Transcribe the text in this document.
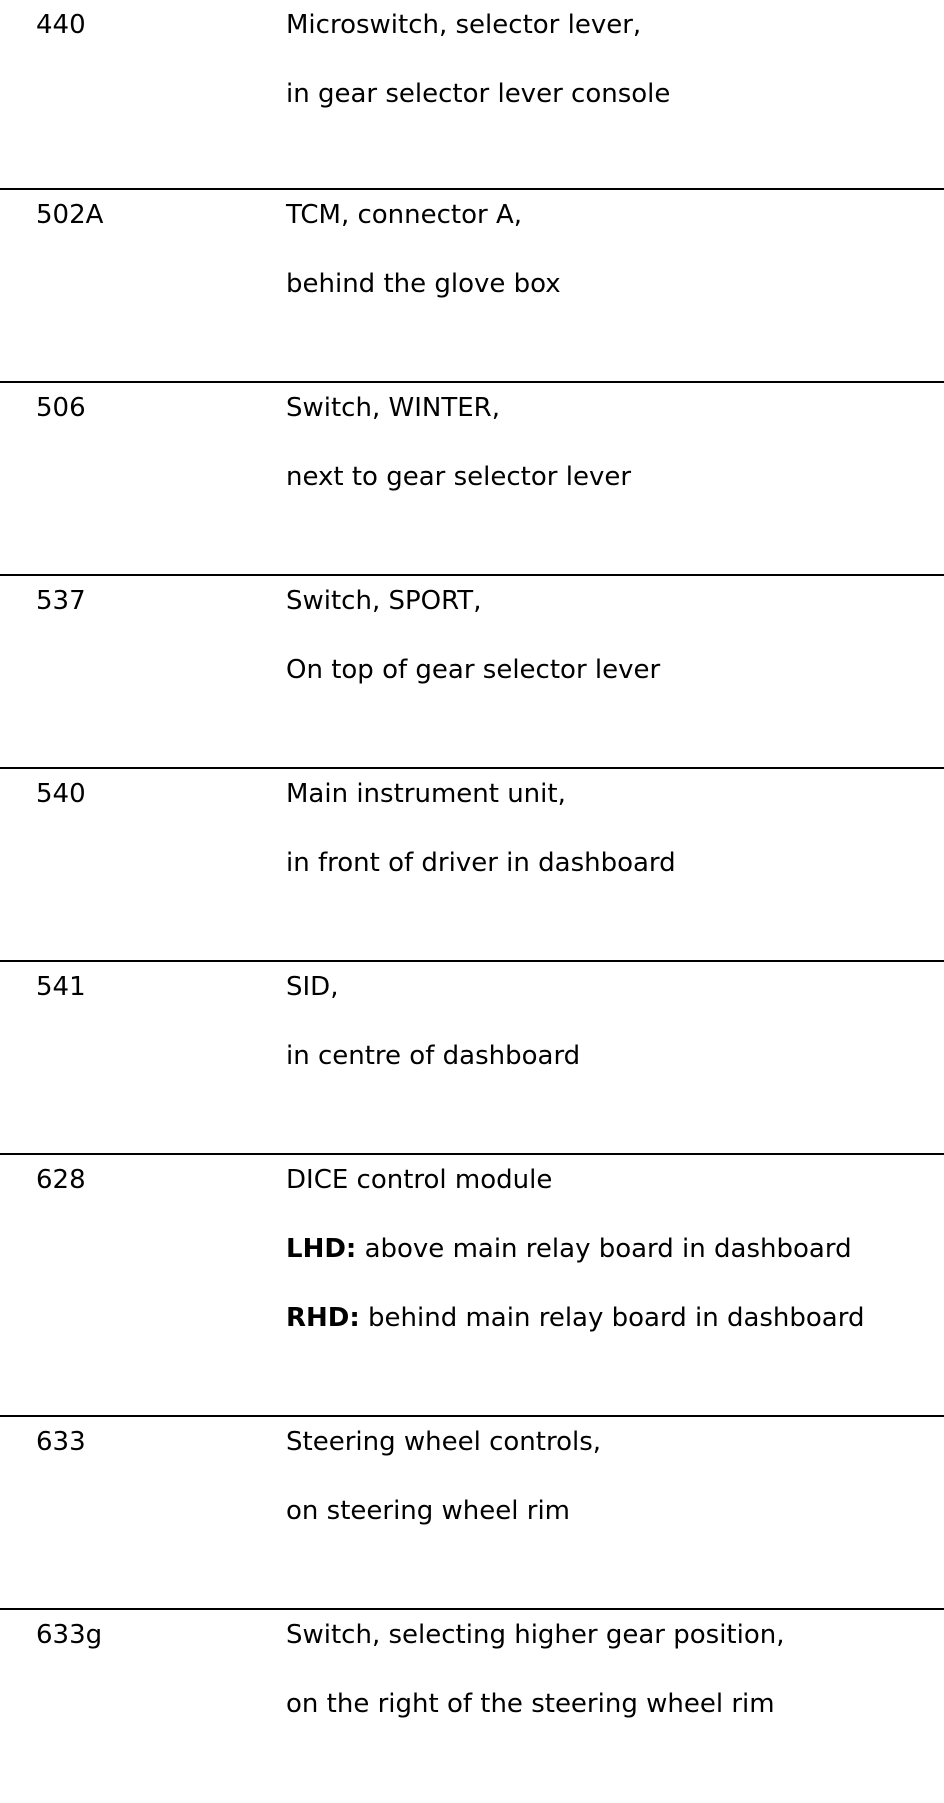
440	Microswitch, selector lever,
in gear selector lever console
502A	TCM, connector A,
behind the glove box
506	Switch, WINTER,
next to gear selector lever
537	Switch, SPORT,
On top of gear selector lever
540	Main instrument unit,
in front of driver in dashboard
541	SID,
in centre of dashboard
628	DICE control module
LHD: above main relay board in dashboard
RHD: behind main relay board in dashboard
633	Steering wheel controls,
on steering wheel rim
633g	Switch, selecting higher gear position,
on the right of the steering wheel rim
